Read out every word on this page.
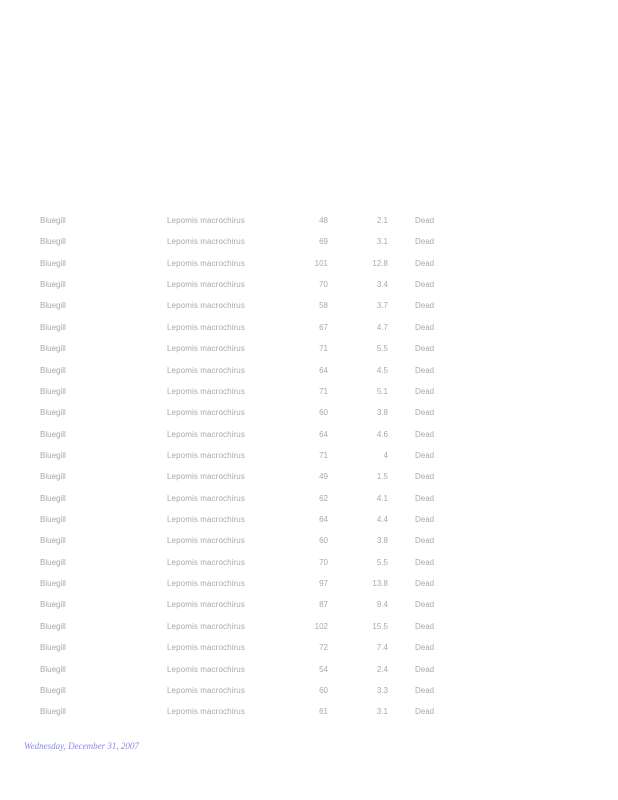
Bluegill	Lepomis macrochirus	48	2.1	Dead
Bluegill	Lepomis macrochirus	69	3.1	Dead
Bluegill	Lepomis macrochirus	101	12.8	Dead
Bluegill	Lepomis macrochirus	70	3.4	Dead
Bluegill	Lepomis macrochirus	58	3.7	Dead
Bluegill	Lepomis macrochirus	67	4.7	Dead
Bluegill	Lepomis macrochirus	71	5.5	Dead
Bluegill	Lepomis macrochirus	64	4.5	Dead
Bluegill	Lepomis macrochirus	71	5.1	Dead
Bluegill	Lepomis macrochirus	60	3.8	Dead
Bluegill	Lepomis macrochirus	64	4.6	Dead
Bluegill	Lepomis macrochirus	71	4	Dead
Bluegill	Lepomis macrochirus	49	1.5	Dead
Bluegill	Lepomis macrochirus	62	4.1	Dead
Bluegill	Lepomis macrochirus	64	4.4	Dead
Bluegill	Lepomis macrochirus	60	3.8	Dead
Bluegill	Lepomis macrochirus	70	5.5	Dead
Bluegill	Lepomis macrochirus	97	13.8	Dead
Bluegill	Lepomis macrochirus	87	9.4	Dead
Bluegill	Lepomis macrochirus	102	15.5	Dead
Bluegill	Lepomis macrochirus	72	7.4	Dead
Bluegill	Lepomis macrochirus	54	2.4	Dead
Bluegill	Lepomis macrochirus	60	3.3	Dead
Bluegill	Lepomis macrochirus	61	3.1	Dead
Wednesday, December 31, 2007
